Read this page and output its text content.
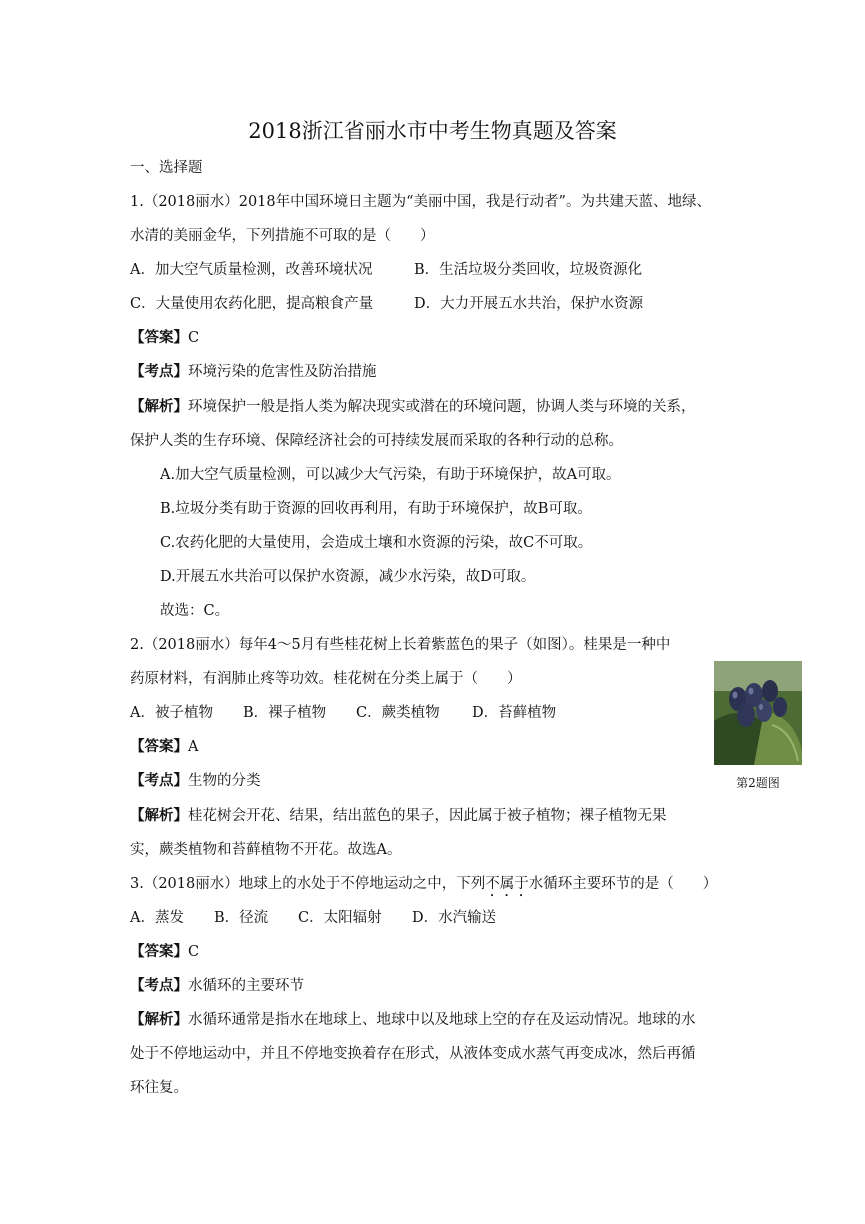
2018浙江省丽水市中考生物真题及答案
一、选择题
1.（2018丽水）2018年中国环境日主题为“美丽中国，我是行动者”。为共建天蓝、地绿、
水清的美丽金华，下列措施不可取的是（　　）
A．加大空气质量检测，改善环境状况	B．生活垃圾分类回收，垃圾资源化
C．大量使用农药化肥，提高粮食产量	D．大力开展五水共治，保护水资源
【答案】C
【考点】环境污染的危害性及防治措施
【解析】环境保护一般是指人类为解决现实或潜在的环境问题，协调人类与环境的关系，
保护人类的生存环境、保障经济社会的可持续发展而采取的各种行动的总称。
A.加大空气质量检测，可以减少大气污染，有助于环境保护，故A可取。
B.垃圾分类有助于资源的回收再利用，有助于环境保护，故B可取。
C.农药化肥的大量使用，会造成土壤和水资源的污染，故C不可取。
D.开展五水共治可以保护水资源，减少水污染，故D可取。
故选：C。
2.（2018丽水）每年4～5月有些桂花树上长着紫蓝色的果子（如图）。桂果是一种中
药原材料，有润肺止疼等功效。桂花树在分类上属于（　　）
A．被子植物 B．裸子植物 C．蕨类植物 D．苔藓植物
【答案】A
【考点】生物的分类
【解析】桂花树会开花、结果，结出蓝色的果子，因此属于被子植物；裸子植物无果
实，蕨类植物和苔藓植物不开花。故选A。
第2题图
3.（2018丽水）地球上的水处于不停地运动之中，下列不属于水循环主要环节的是（　　）
A．蒸发 B．径流 C．太阳辐射 D．水汽输送
【答案】C
【考点】水循环的主要环节
【解析】水循环通常是指水在地球上、地球中以及地球上空的存在及运动情况。地球的水
处于不停地运动中，并且不停地变换着存在形式，从液体变成水蒸气再变成冰，然后再循
环往复。
